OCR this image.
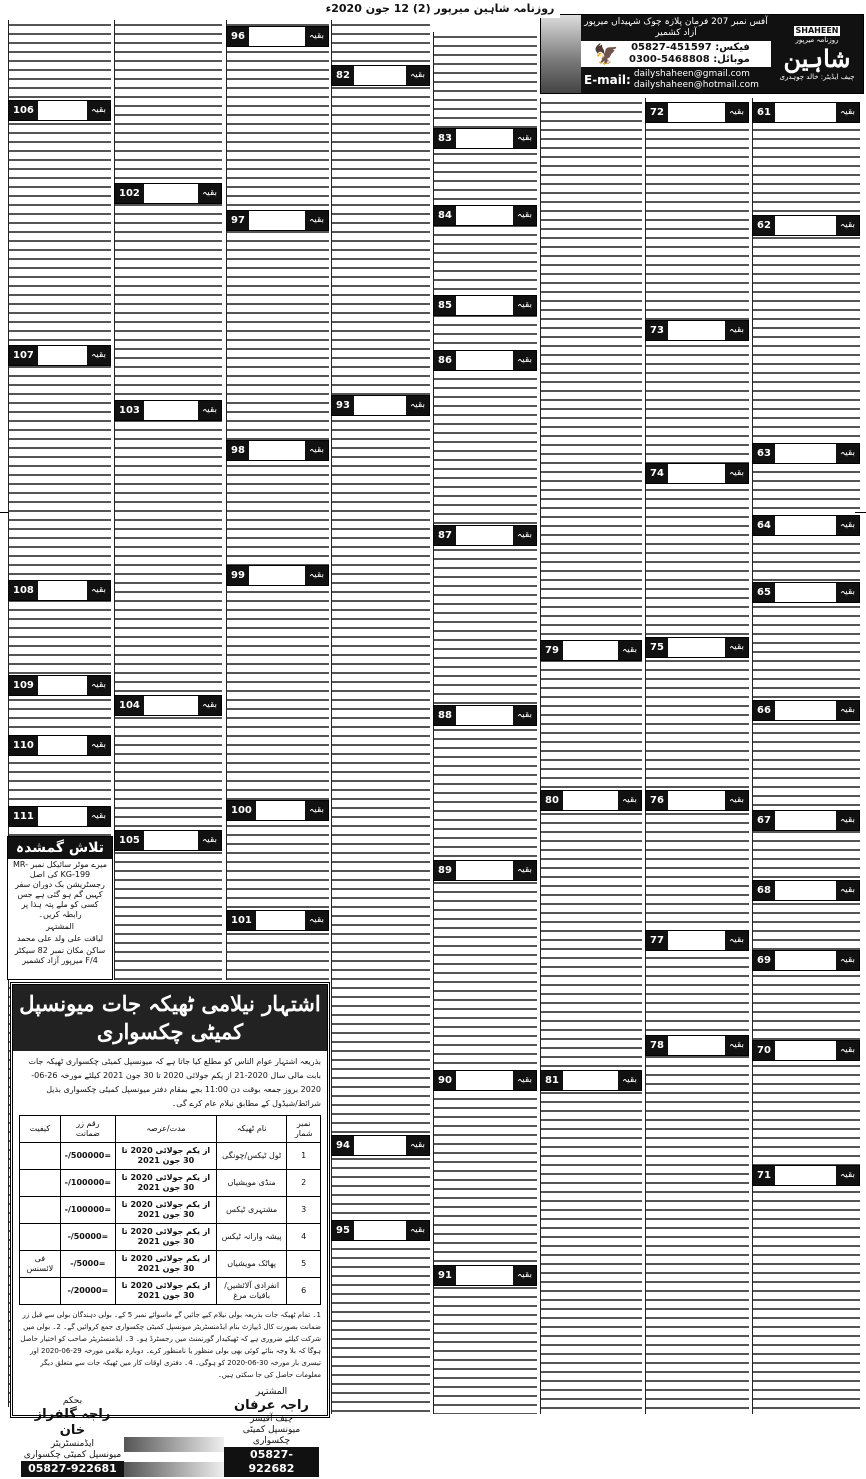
روزنامہ شاہین میرپور (2) 12 جون 2020ء
61	بقیہ
62	بقیہ
63	بقیہ
64	بقیہ
65	بقیہ
66	بقیہ
67	بقیہ
68	بقیہ
69	بقیہ
70	بقیہ
71	بقیہ
72	بقیہ
73	بقیہ
74	بقیہ
75	بقیہ
76	بقیہ
77	بقیہ
78	بقیہ
79	بقیہ
80	بقیہ
81	بقیہ
82	بقیہ
83	بقیہ
84	بقیہ
85	بقیہ
86	بقیہ
87	بقیہ
88	بقیہ
89	بقیہ
90	بقیہ
91	بقیہ
93	بقیہ
94	بقیہ
95	بقیہ
96	بقیہ
97	بقیہ
98	بقیہ
99	بقیہ
100	بقیہ
101	بقیہ
102	بقیہ
103	بقیہ
104	بقیہ
105	بقیہ
106	بقیہ
107	بقیہ
108	بقیہ
109	بقیہ
110	بقیہ
111	بقیہ
آفس نمبر 207 فرمان پلازہ چوک شہیداں میرپور آزاد کشمیر
🦅	فیکس: 05827-451597
موبائل: 0300-5468808
E-mail: dailyshaheen@gmail.com
dailyshaheen@hotmail.com
SHAHEEN
روزنامہ میرپور
شاہین
چیف ایڈیٹر: خالد چوہدری
تلاش گمشدہ

میرے موٹر سائیکل نمبر MR-KG-199 کی اصل رجسٹریشن بک دوران سفر کہیں گم ہو گئی ہے جس کسی کو ملے پتہ ہذا پر رابطہ کریں۔

المشتہر

لیاقت علی ولد علی محمد

ساکن مکان نمبر 82 سیکٹر F/4 میرپور آزاد کشمیر

اشتہار نیلامی ٹھیکہ جات میونسپل کمیٹی چکسواری
بذریعہ اشتہار عوام الناس کو مطلع کیا جاتا ہے کہ میونسپل کمیٹی چکسواری ٹھیکہ جات بابت مالی سال 2020-21 از یکم جولائی 2020 تا 30 جون 2021 کیلئے مورخہ 26-06-2020 بروز جمعہ بوقت دن 11:00 بجے بمقام دفتر میونسپل کمیٹی چکسواری بذیل شرائط/شیڈول کے مطابق نیلام عام کرے گی۔
نمبر شمار	نام ٹھیکہ	مدت/عرصہ	رقم زر ضمانت	کیفیت
1	ٹول ٹیکس/چونگی	از یکم جولائی 2020 تا 30 جون 2021	=500000/-	
2	منڈی مویشیاں	از یکم جولائی 2020 تا 30 جون 2021	=100000/-	
3	مشتہری ٹیکس	از یکم جولائی 2020 تا 30 جون 2021	=100000/-	
4	پیشہ وارانہ ٹیکس	از یکم جولائی 2020 تا 30 جون 2021	=50000/-	
5	پھاٹک مویشیاں	از یکم جولائی 2020 تا 30 جون 2021	=5000/-	فی لائسنس
6	انفرادی آلائشیں/باقیات مرغ	از یکم جولائی 2020 تا 30 جون 2021	=20000/-	
1۔ تمام ٹھیکہ جات بذریعہ بولی نیلام کیے جائیں گے ماسوائے نمبر 5 کے۔ بولی دہندگان بولی سے قبل زر ضمانت بصورت کال ڈیپازٹ بنام ایڈمنسٹریٹر میونسپل کمیٹی چکسواری جمع کروائیں گے۔ 2۔ بولی میں شرکت کیلئے ضروری ہے کہ ٹھیکیدار گورنمنٹ میں رجسٹرڈ ہو۔ 3۔ ایڈمنسٹریٹر صاحب کو اختیار حاصل ہوگا کہ بلا وجہ بتائے کوئی بھی بولی منظور یا نامنظور کرے۔ دوبارہ نیلامی مورخہ 29-06-2020 اور تیسری بار مورخہ 30-06-2020 کو ہوگی۔ 4۔ دفتری اوقات کار میں ٹھیکہ جات سے متعلق دیگر معلومات حاصل کی جا سکتی ہیں۔
المشتہر
راجہ عرفان
چیف آفیسر
میونسپل کمیٹی چکسواری
05827-922682
بحکم
راجہ گلفراز خان
ایڈمنسٹریٹر
میونسپل کمیٹی چکسواری
05827-922681
